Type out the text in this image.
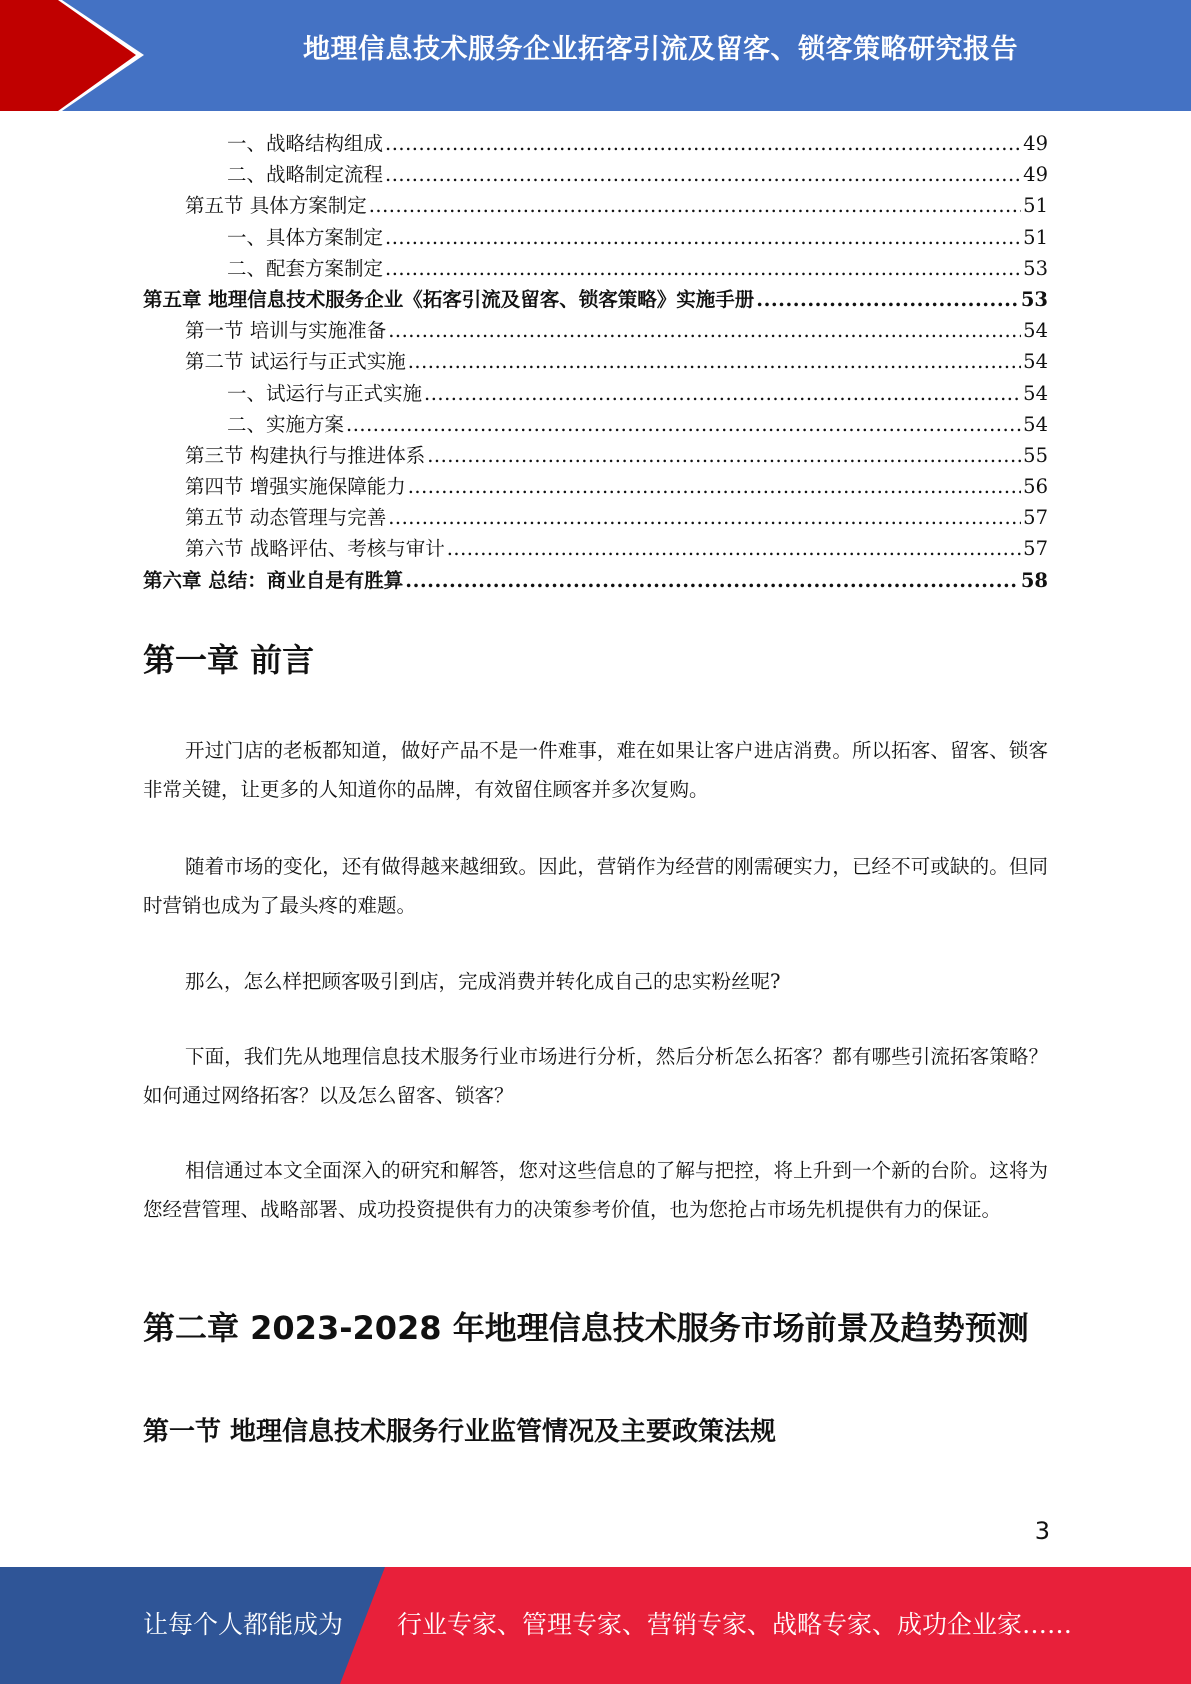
地理信息技术服务企业拓客引流及留客、锁客策略研究报告
一、战略结构组成 .....	49
二、战略制定流程 .....	49
第五节 具体方案制定 .....	51
一、具体方案制定 .....	51
二、配套方案制定 .....	53
第五章 地理信息技术服务企业《拓客引流及留客、锁客策略》实施手册 .....	53
第一节 培训与实施准备 .....	54
第二节 试运行与正式实施 .....	54
一、试运行与正式实施 .....	54
二、实施方案 .....	54
第三节 构建执行与推进体系 .....	55
第四节 增强实施保障能力 .....	56
第五节 动态管理与完善 .....	57
第六节 战略评估、考核与审计 .....	57
第六章 总结：商业自是有胜算 .....	58
第一章 前言

开过门店的老板都知道，做好产品不是一件难事，难在如果让客户进店消费。所以拓客、留客、锁客非常关键，让更多的人知道你的品牌，有效留住顾客并多次复购。

随着市场的变化，还有做得越来越细致。因此，营销作为经营的刚需硬实力，已经不可或缺的。但同时营销也成为了最头疼的难题。

那么，怎么样把顾客吸引到店，完成消费并转化成自己的忠实粉丝呢?

下面，我们先从地理信息技术服务行业市场进行分析，然后分析怎么拓客？都有哪些引流拓客策略？如何通过网络拓客？以及怎么留客、锁客？

相信通过本文全面深入的研究和解答，您对这些信息的了解与把控，将上升到一个新的台阶。这将为您经营管理、战略部署、成功投资提供有力的决策参考价值，也为您抢占市场先机提供有力的保证。

第二章 2023-2028 年地理信息技术服务市场前景及趋势预测
第一节 地理信息技术服务行业监管情况及主要政策法规
3
让每个人都能成为 行业专家、管理专家、营销专家、战略专家、成功企业家……
